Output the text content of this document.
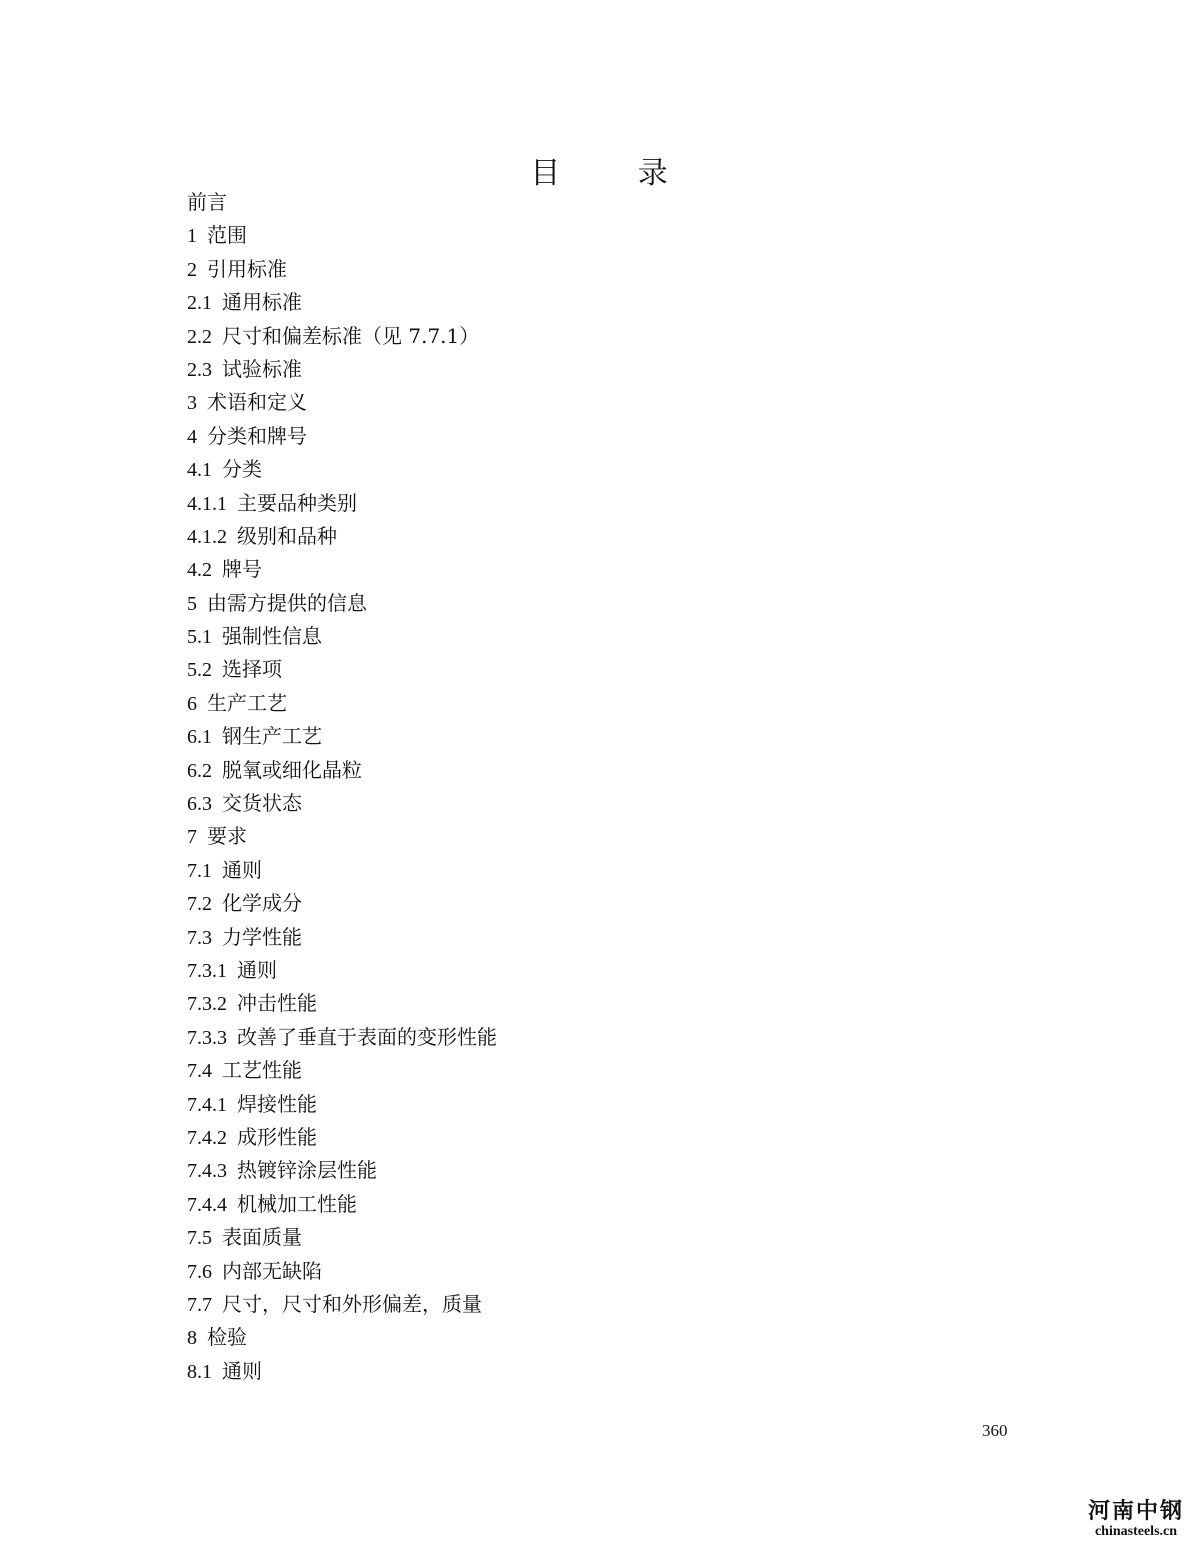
目 录
前言
1 范围
2 引用标准
2.1 通用标准
2.2 尺寸和偏差标准（见 7.7.1）
2.3 试验标准
3 术语和定义
4 分类和牌号
4.1 分类
4.1.1 主要品种类别
4.1.2 级别和品种
4.2 牌号
5 由需方提供的信息
5.1 强制性信息
5.2 选择项
6 生产工艺
6.1 钢生产工艺
6.2 脱氧或细化晶粒
6.3 交货状态
7 要求
7.1 通则
7.2 化学成分
7.3 力学性能
7.3.1 通则
7.3.2 冲击性能
7.3.3 改善了垂直于表面的变形性能
7.4 工艺性能
7.4.1 焊接性能
7.4.2 成形性能
7.4.3 热镀锌涂层性能
7.4.4 机械加工性能
7.5 表面质量
7.6 内部无缺陷
7.7 尺寸，尺寸和外形偏差，质量
8 检验
8.1 通则
360
河南中钢
chinasteels.cn
